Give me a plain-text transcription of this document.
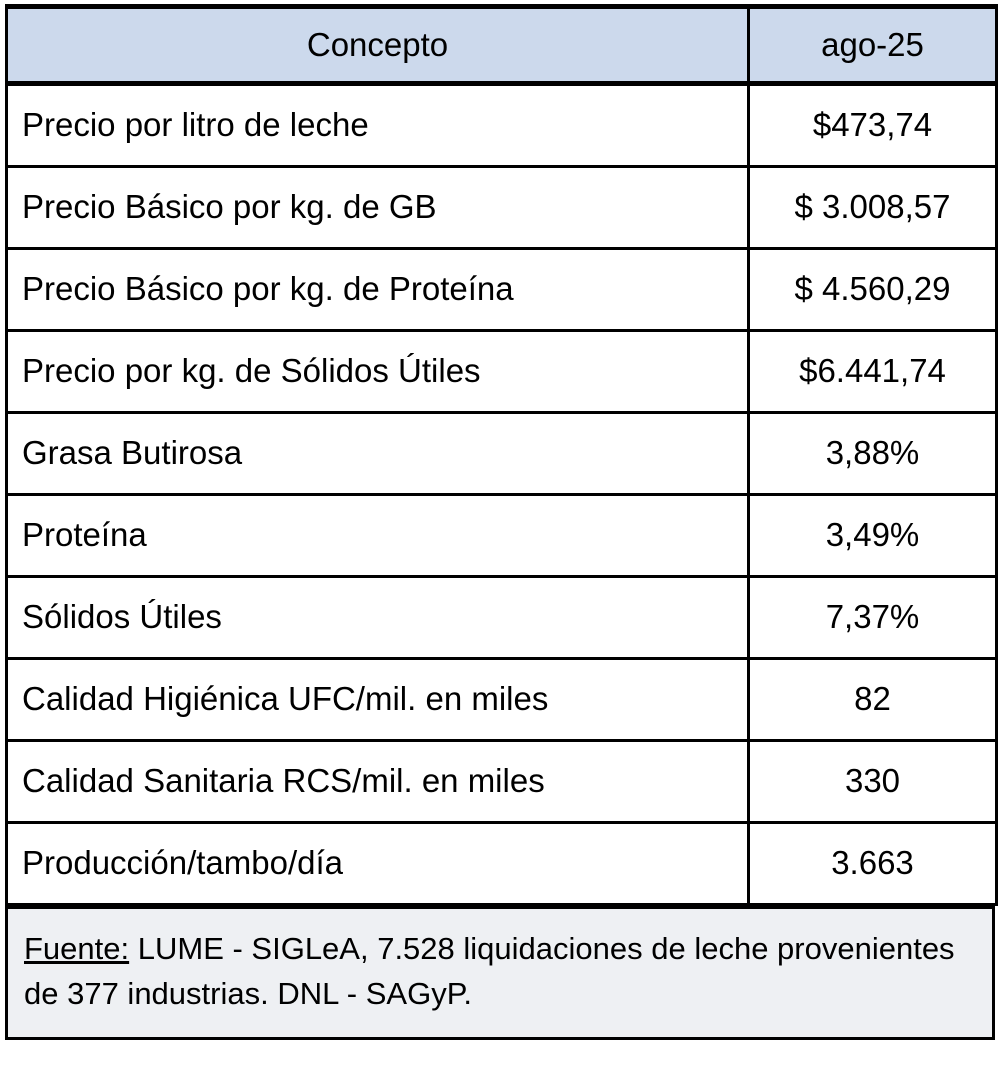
Concepto	ago-25
Precio por litro de leche	$473,74
Precio Básico por kg. de GB	$ 3.008,57
Precio Básico por kg. de Proteína	$ 4.560,29
Precio por kg. de Sólidos Útiles	$6.441,74
Grasa Butirosa	3,88%
Proteína	3,49%
Sólidos Útiles	7,37%
Calidad Higiénica UFC/mil. en miles	82
Calidad Sanitaria RCS/mil. en miles	330
Producción/tambo/día	3.663
Fuente: LUME - SIGLeA, 7.528 liquidaciones de leche provenientes de 377 industrias. DNL - SAGyP.
